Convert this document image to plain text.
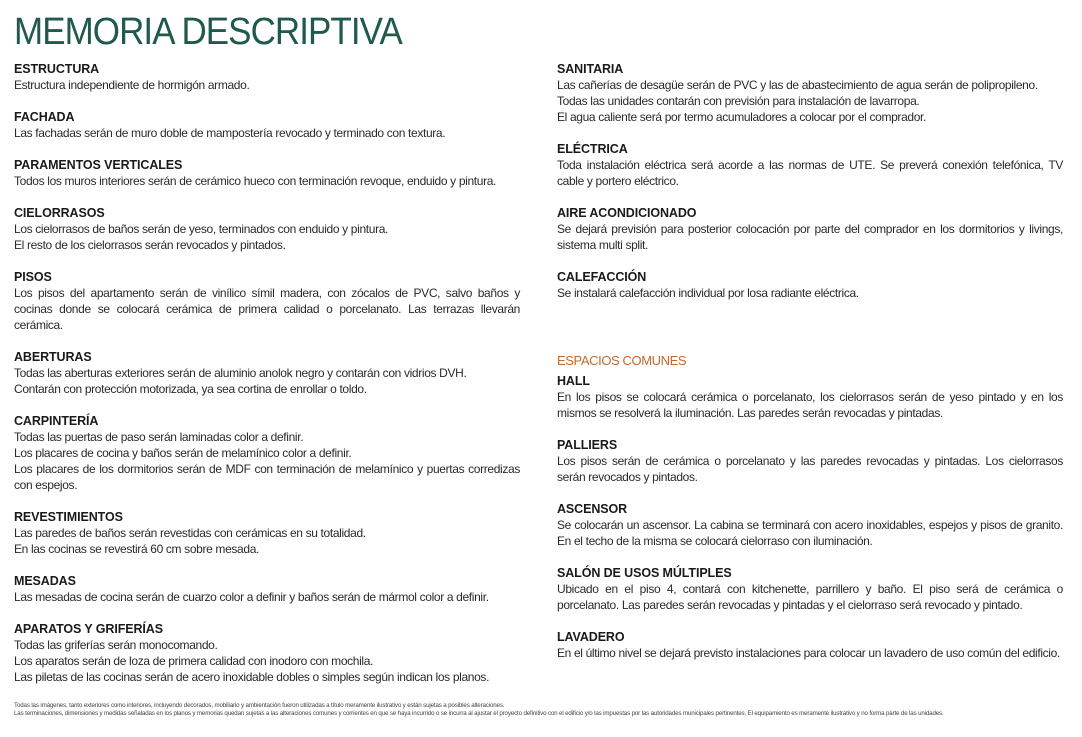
MEMORIA DESCRIPTIVA
ESTRUCTURA

Estructura independiente de hormigón armado.

FACHADA

Las fachadas serán de muro doble de mampostería revocado y terminado con textura.

PARAMENTOS VERTICALES

Todos los muros interiores serán de cerámico hueco con terminación revoque, enduido y pintura.

CIELORRASOS

Los cielorrasos de baños serán de yeso, terminados con enduido y pintura.

El resto de los cielorrasos serán revocados y pintados.

PISOS

Los pisos del apartamento serán de vinílico símil madera, con zócalos de PVC, salvo baños y cocinas donde se colocará cerámica de primera calidad o porcelanato. Las terrazas llevarán cerámica.

ABERTURAS

Todas las aberturas exteriores serán de aluminio anolok negro y contarán con vidrios DVH.

Contarán con protección motorizada, ya sea cortina de enrollar o toldo.

CARPINTERÍA

Todas las puertas de paso serán laminadas color a definir.

Los placares de cocina y baños serán de melamínico color a definir.

Los placares de los dormitorios serán de MDF con terminación de melamínico y puertas corredizas con espejos.

REVESTIMIENTOS

Las paredes de baños serán revestidas con cerámicas en su totalidad.

En las cocinas se revestirá 60 cm sobre mesada.

MESADAS

Las mesadas de cocina serán de cuarzo color a definir y baños serán de mármol color a definir.

APARATOS Y GRIFERÍAS

Todas las griferías serán monocomando.

Los aparatos serán de loza de primera calidad con inodoro con mochila.

Las piletas de las cocinas serán de acero inoxidable dobles o simples según indican los planos.

SANITARIA

Las cañerías de desagüe serán de PVC y las de abastecimiento de agua serán de polipropileno.

Todas las unidades contarán con previsión para instalación de lavarropa.

El agua caliente será por termo acumuladores a colocar por el comprador.

ELÉCTRICA

Toda instalación eléctrica será acorde a las normas de UTE. Se preverá conexión telefónica, TV cable y portero eléctrico.

AIRE ACONDICIONADO

Se dejará previsión para posterior colocación por parte del comprador en los dormitorios y livings, sistema multi split.

CALEFACCIÓN

Se instalará calefacción individual por losa radiante eléctrica.

ESPACIOS COMUNES
HALL

En los pisos se colocará cerámica o porcelanato, los cielorrasos serán de yeso pintado y en los mismos se resolverá la iluminación. Las paredes serán revocadas y pintadas.

PALLIERS

Los pisos serán de cerámica o porcelanato y las paredes revocadas y pintadas. Los cielorrasos serán revocados y pintados.

ASCENSOR

Se colocarán un ascensor. La cabina se terminará con acero inoxidables, espejos y pisos de granito. En el techo de la misma se colocará cielorraso con iluminación.

SALÓN DE USOS MÚLTIPLES

Ubicado en el piso 4, contará con kitchenette, parrillero y baño. El piso será de cerámica o porcelanato. Las paredes serán revocadas y pintadas y el cielorraso será revocado y pintado.

LAVADERO

En el último nivel se dejará previsto instalaciones para colocar un lavadero de uso común del edificio.

Todas las imágenes, tanto exteriores como interiores, incluyendo decorados, mobiliario y ambientación fueron utilizadas a título meramente ilustrativo y están sujetas a posibles alteraciones.

Las terminaciones, dimensiones y medidas señaladas en los planos y memorias quedan sujetas a las alteraciones comunes y corrientes en que se haya incurrido o se incurra al ajustar el proyecto definitivo con el edificio y/o las impuestas por las autoridades municipales pertinentes. El equipamiento es meramente ilustrativo y no forma parte de las unidades.
